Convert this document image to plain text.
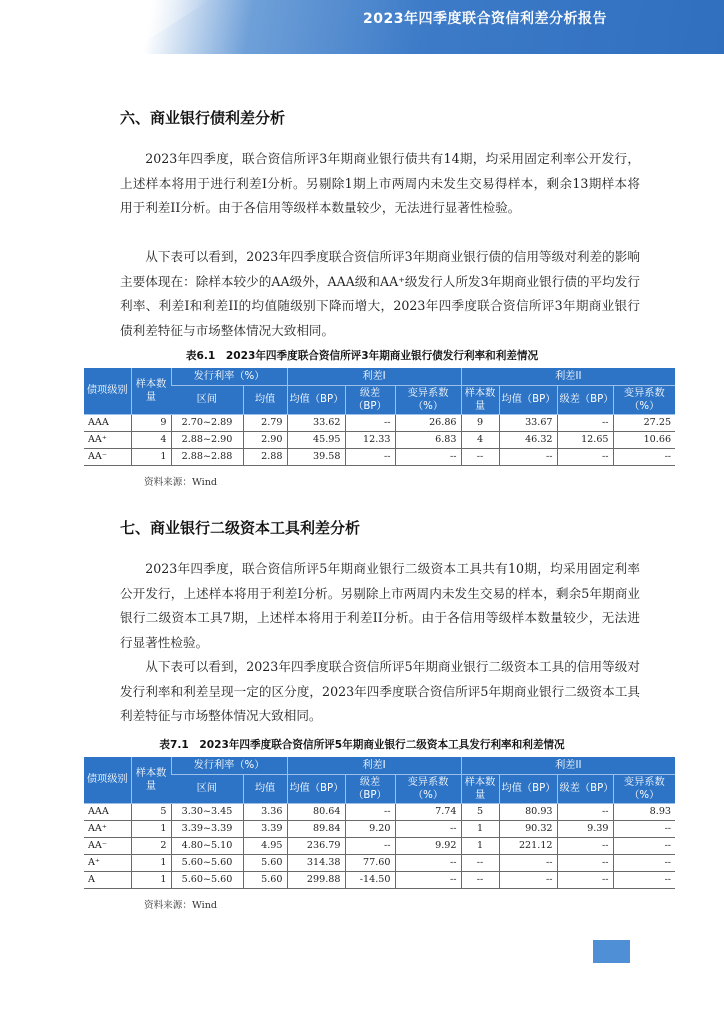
2023年四季度联合资信利差分析报告
六、商业银行债利差分析

2023年四季度，联合资信所评3年期商业银行债共有14期，均采用固定利率公开发行，上述样本将用于进行利差I分析。另剔除1期上市两周内未发生交易得样本，剩余13期样本将用于利差II分析。由于各信用等级样本数量较少，无法进行显著性检验。

从下表可以看到，2023年四季度联合资信所评3年期商业银行债的信用等级对利差的影响主要体现在：除样本较少的AA级外，AAA级和AA⁺级发行人所发3年期商业银行债的平均发行利率、利差I和利差II的均值随级别下降而增大，2023年四季度联合资信所评3年期商业银行债利差特征与市场整体情况大致相同。

表6.1　2023年四季度联合资信所评3年期商业银行债发行利率和利差情况
债项级别	样本数量	发行利率（%）		利差I			利差II			
		区间	均值	均值（BP）	级差（BP）	变异系数（%）	样本数量	均值（BP）	级差（BP）	变异系数（%）
AAA	9	2.70~2.89	2.79	33.62	--	26.86	9	33.67	--	27.25
AA⁺	4	2.88~2.90	2.90	45.95	12.33	6.83	4	46.32	12.65	10.66
AA⁻	1	2.88~2.88	2.88	39.58	--	--	--	--	--	--
资料来源：Wind
七、商业银行二级资本工具利差分析

2023年四季度，联合资信所评5年期商业银行二级资本工具共有10期，均采用固定利率公开发行，上述样本将用于利差I分析。另剔除上市两周内未发生交易的样本，剩余5年期商业银行二级资本工具7期，上述样本将用于利差II分析。由于各信用等级样本数量较少，无法进行显著性检验。

从下表可以看到，2023年四季度联合资信所评5年期商业银行二级资本工具的信用等级对发行利率和利差呈现一定的区分度，2023年四季度联合资信所评5年期商业银行二级资本工具利差特征与市场整体情况大致相同。

表7.1　2023年四季度联合资信所评5年期商业银行二级资本工具发行利率和利差情况
债项级别	样本数量	发行利率（%）		利差I			利差II			
		区间	均值	均值（BP）	级差（BP）	变异系数（%）	样本数量	均值（BP）	级差（BP）	变异系数（%）
AAA	5	3.30~3.45	3.36	80.64	--	7.74	5	80.93	--	8.93
AA⁺	1	3.39~3.39	3.39	89.84	9.20	--	1	90.32	9.39	--
AA⁻	2	4.80~5.10	4.95	236.79	--	9.92	1	221.12	--	--
A⁺	1	5.60~5.60	5.60	314.38	77.60	--	--	--	--	--
A	1	5.60~5.60	5.60	299.88	-14.50	--	--	--	--	--
资料来源：Wind
